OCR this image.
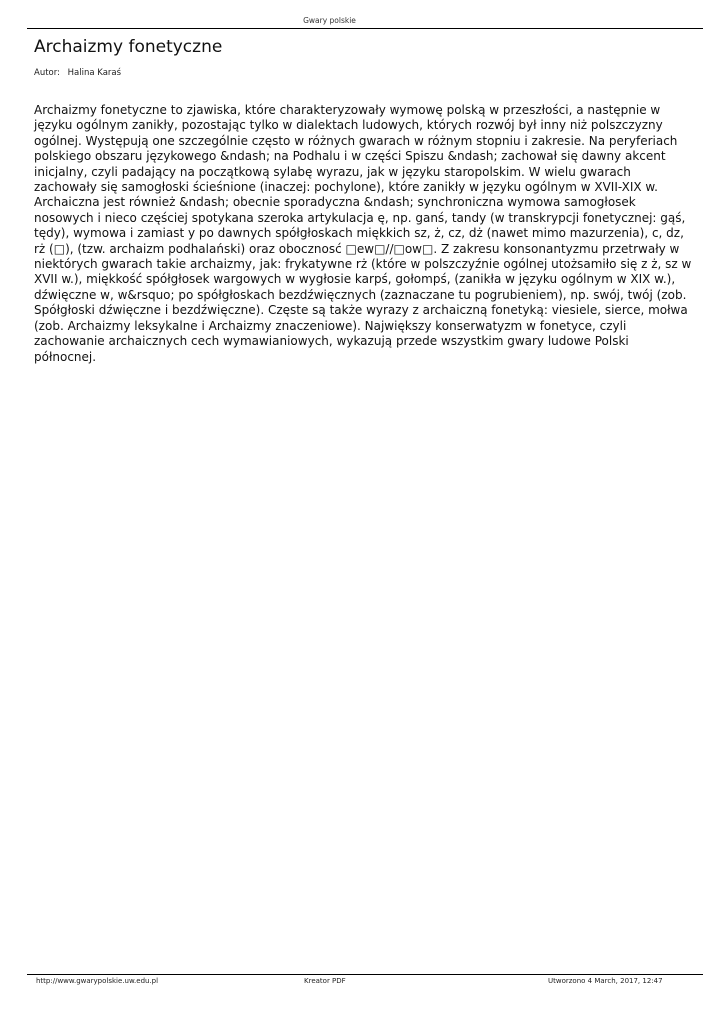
Gwary polskie
Archaizmy fonetyczne
Autor: Halina Karaś

Archaizmy fonetyczne to zjawiska, które charakteryzowały wymowę polską w przeszłości, a następnie w języku ogólnym zanikły, pozostając tylko w dialektach ludowych, których rozwój był inny niż polszczyzny ogólnej. Występują one szczególnie często w różnych gwarach w różnym stopniu i zakresie. Na peryferiach polskiego obszaru językowego &ndash; na Podhalu i w części Spiszu &ndash; zachował się dawny akcent inicjalny, czyli padający na początkową sylabę wyrazu, jak w języku staropolskim. W wielu gwarach zachowały się samogłoski ścieśnione (inaczej: pochylone), które zanikły w języku ogólnym w XVII-XIX w. Archaiczna jest również &ndash; obecnie sporadyczna &ndash; synchroniczna wymowa samogłosek nosowych i nieco częściej spotykana szeroka artykulacja ę, np. ganś, tandy (w transkrypcji fonetycznej: gąś, tędy), wymowa i zamiast y po dawnych spółgłoskach miękkich sz, ż, cz, dż (nawet mimo mazurzenia), c, dz, rż (□), (tzw. archaizm podhalański) oraz obocznosć □ew□//□ow□. Z zakresu konsonantyzmu przetrwały w niektórych gwarach takie archaizmy, jak: frykatywne rż (które w polszczyźnie ogólnej utożsamiło się z ż, sz w XVII w.), miękkość spółgłosek wargowych w wygłosie karpś, gołompś, (zanikła w języku ogólnym w XIX w.), dźwięczne w, w&rsquo; po spółgłoskach bezdźwięcznych (zaznaczane tu pogrubieniem), np. swój, twój (zob. Spółgłoski dźwięczne i bezdźwięczne). Częste są także wyrazy z archaiczną fonetyką: viesiele, sierce, mołwa (zob. Archaizmy leksykalne i Archaizmy znaczeniowe). Największy konserwatyzm w fonetyce, czyli zachowanie archaicznych cech wymawianiowych, wykazują przede wszystkim gwary ludowe Polski północnej.

http://www.gwarypolskie.uw.edu.pl	Kreator PDF	Utworzono 4 March, 2017, 12:47
